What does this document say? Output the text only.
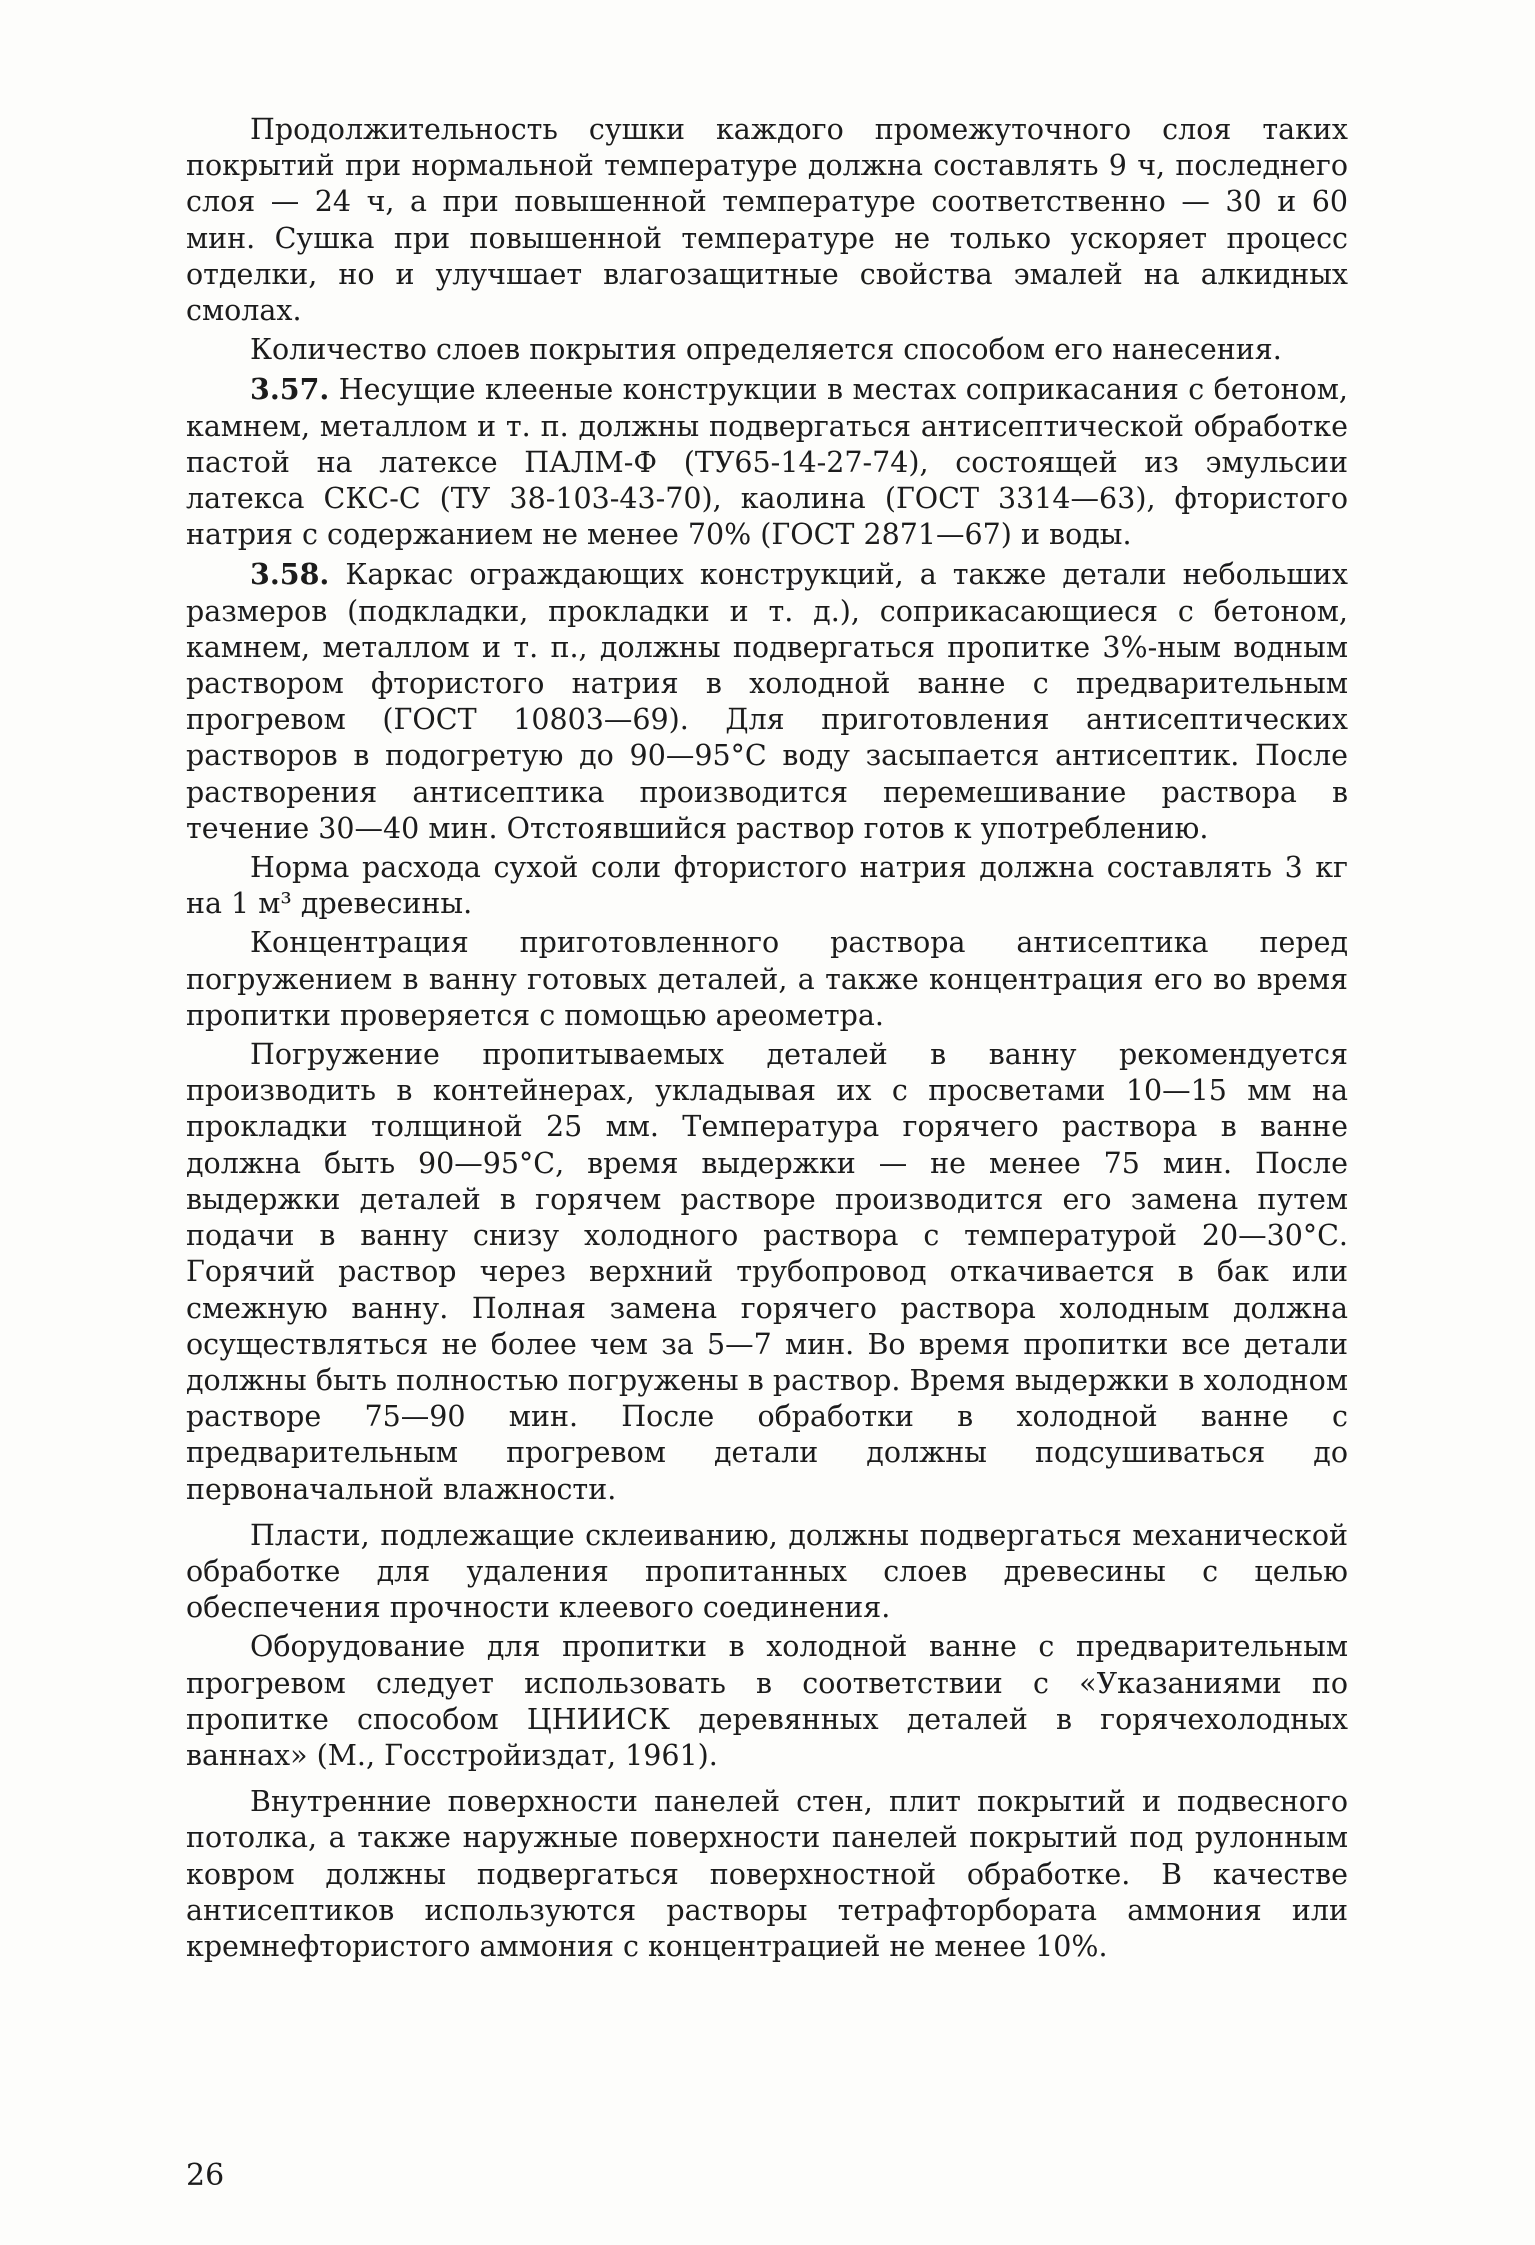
Продолжительность сушки каждого промежуточного слоя таких покрытий при нормальной температуре должна составлять 9 ч, последнего слоя — 24 ч, а при повышенной температуре соответственно — 30 и 60 мин. Сушка при повышенной температуре не только ускоряет процесс отделки, но и улучшает влагозащитные свойства эмалей на алкидных смолах.

Количество слоев покрытия определяется способом его нанесения.

3.57. Несущие клееные конструкции в местах соприкасания с бетоном, камнем, металлом и т. п. должны подвергаться антисептической обработке пастой на латексе ПАЛМ-Ф (ТУ65-14-27-74), состоящей из эмульсии латекса СКС-С (ТУ 38-103-43-70), каолина (ГОСТ 3314—63), фтористого натрия с содержанием не менее 70% (ГОСТ 2871—67) и воды.

3.58. Каркас ограждающих конструкций, а также детали небольших размеров (подкладки, прокладки и т. д.), соприкасающиеся с бетоном, камнем, металлом и т. п., должны подвергаться пропитке 3%-ным водным раствором фтористого натрия в холодной ванне с предварительным прогревом (ГОСТ 10803—69). Для приготовления антисептических растворов в подогретую до 90—95°С воду засыпается антисептик. После растворения антисептика производится перемешивание раствора в течение 30—40 мин. Отстоявшийся раствор готов к употреблению.

Норма расхода сухой соли фтористого натрия должна составлять 3 кг на 1 м³ древесины.

Концентрация приготовленного раствора антисептика перед погружением в ванну готовых деталей, а также концентрация его во время пропитки проверяется с помощью ареометра.

Погружение пропитываемых деталей в ванну рекомендуется производить в контейнерах, укладывая их с просветами 10—15 мм на прокладки толщиной 25 мм. Температура горячего раствора в ванне должна быть 90—95°С, время выдержки — не менее 75 мин. После выдержки деталей в горячем растворе производится его замена путем подачи в ванну снизу холодного раствора с температурой 20—30°С. Горячий раствор через верхний трубопровод откачивается в бак или смежную ванну. Полная замена горячего раствора холодным должна осуществляться не более чем за 5—7 мин. Во время пропитки все детали должны быть полностью погружены в раствор. Время выдержки в холодном растворе 75—90 мин. После обработки в холодной ванне с предварительным прогревом детали должны подсушиваться до первоначальной влажности.

Пласти, подлежащие склеиванию, должны подвергаться механической обработке для удаления пропитанных слоев древесины с целью обеспечения прочности клеевого соединения.

Оборудование для пропитки в холодной ванне с предварительным прогревом следует использовать в соответствии с «Указаниями по пропитке способом ЦНИИСК деревянных деталей в горячехолодных ваннах» (М., Госстройиздат, 1961).

Внутренние поверхности панелей стен, плит покрытий и подвесного потолка, а также наружные поверхности панелей покрытий под рулонным ковром должны подвергаться поверхностной обработке. В качестве антисептиков используются растворы тетрафторбората аммония или кремнефтористого аммония с концентрацией не менее 10%.

26
